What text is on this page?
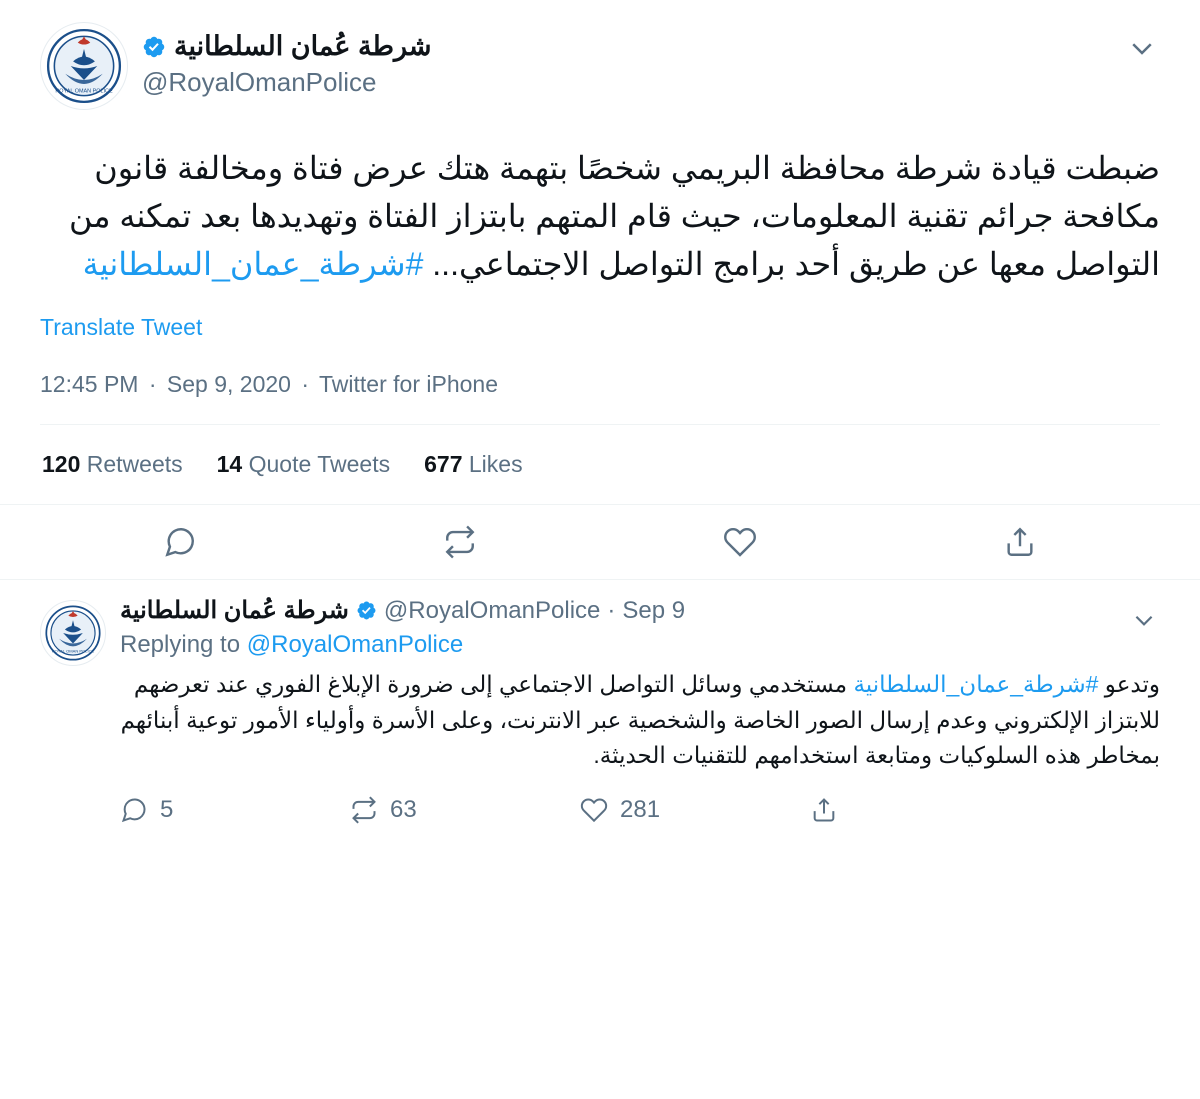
ROYAL OMAN POLICE
شرطة عُمان السلطانية
@RoyalOmanPolice
ضبطت قيادة شرطة محافظة البريمي شخصًا بتهمة هتك عرض فتاة ومخالفة قانون مكافحة جرائم تقنية المعلومات، حيث قام المتهم بابتزاز الفتاة وتهديدها بعد تمكنه من التواصل معها عن طريق أحد برامج التواصل الاجتماعي... #شرطة_عمان_السلطانية
Translate Tweet
12:45 PM · Sep 9, 2020 · Twitter for iPhone
120 Retweets 14 Quote Tweets 677 Likes
ROYAL OMAN POLICE
شرطة عُمان السلطانية @RoyalOmanPolice · Sep 9
Replying to @RoyalOmanPolice
وتدعو #شرطة_عمان_السلطانية مستخدمي وسائل التواصل الاجتماعي إلى ضرورة الإبلاغ الفوري عند تعرضهم للابتزاز الإلكتروني وعدم إرسال الصور الخاصة والشخصية عبر الانترنت، وعلى الأسرة وأولياء الأمور توعية أبنائهم بمخاطر هذه السلوكيات ومتابعة استخدامهم للتقنيات الحديثة.
5	63	281
